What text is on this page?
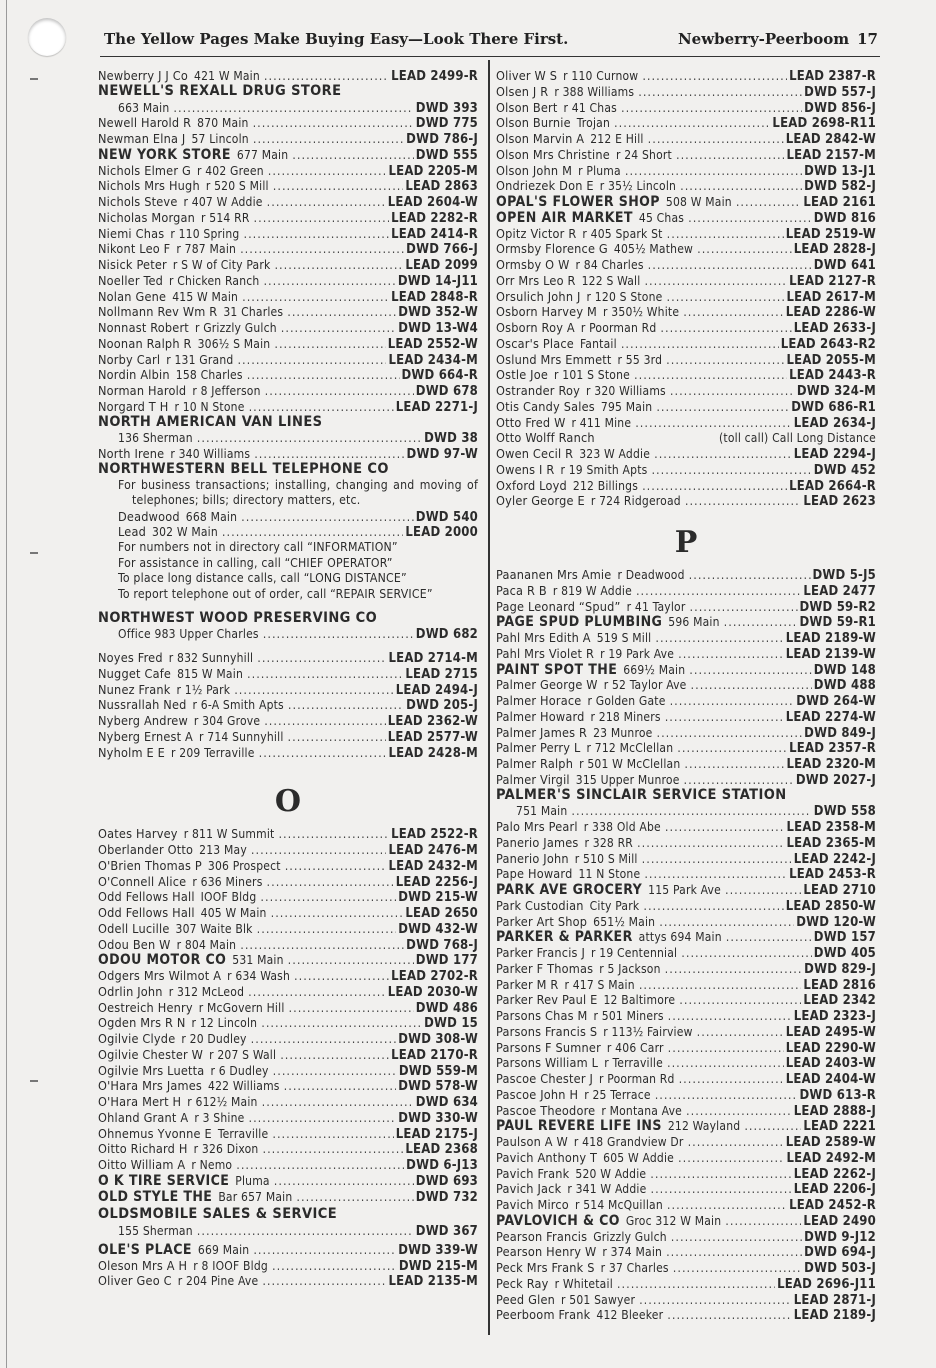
The Yellow Pages Make Buying Easy—Look There First.	Newberry-Peerboom 17
Newberry J J Co 421 W Main . . .	LEAD 2499-R
NEWELL'S REXALL DRUG STORE
663 Main . . .	DWD 393
Newell Harold R 870 Main . . .	DWD 775
Newman Elna J 57 Lincoln . . .	DWD 786-J
NEW YORK STORE 677 Main . . .	DWD 555
Nichols Elmer G r 402 Green . . .	LEAD 2205-M
Nichols Mrs Hugh r 520 S Mill . . .	LEAD 2863
Nichols Steve r 407 W Addie . . .	LEAD 2604-W
Nicholas Morgan r 514 RR . . .	LEAD 2282-R
Niemi Chas r 110 Spring . . .	LEAD 2414-R
Nikont Leo F r 787 Main . . .	DWD 766-J
Nisick Peter r S W of City Park . . .	LEAD 2099
Noeller Ted r Chicken Ranch . . .	DWD 14-J11
Nolan Gene 415 W Main . . .	LEAD 2848-R
Nollmann Rev Wm R 31 Charles . . .	DWD 352-W
Nonnast Robert r Grizzly Gulch . . .	DWD 13-W4
Noonan Ralph R 306½ S Main . . .	LEAD 2552-W
Norby Carl r 131 Grand . . .	LEAD 2434-M
Nordin Albin 158 Charles . . .	DWD 664-R
Norman Harold r 8 Jefferson . . .	DWD 678
Norgard T H r 10 N Stone . . .	LEAD 2271-J
NORTH AMERICAN VAN LINES
136 Sherman . . .	DWD 38
North Irene r 340 Williams . . .	DWD 97-W
NORTHWESTERN BELL TELEPHONE CO
For business transactions; installing, changing and moving of telephones; bills; directory matters, etc.
Deadwood 668 Main . . .	DWD 540
Lead 302 W Main . . .	LEAD 2000
For numbers not in directory call “INFORMATION”
For assistance in calling, call “CHIEF OPERATOR”
To place long distance calls, call “LONG DISTANCE”
To report telephone out of order, call “REPAIR SERVICE”
NORTHWEST WOOD PRESERVING CO
Office 983 Upper Charles . . .	DWD 682
Noyes Fred r 832 Sunnyhill . . .	LEAD 2714-M
Nugget Cafe 815 W Main . . .	LEAD 2715
Nunez Frank r 1½ Park . . .	LEAD 2494-J
Nussrallah Ned r 6-A Smith Apts . . .	DWD 205-J
Nyberg Andrew r 304 Grove . . .	LEAD 2362-W
Nyberg Ernest A r 714 Sunnyhill . . .	LEAD 2577-W
Nyholm E E r 209 Terraville . . .	LEAD 2428-M
O
Oates Harvey r 811 W Summit . . .	LEAD 2522-R
Oberlander Otto 213 May . . .	LEAD 2476-M
O'Brien Thomas P 306 Prospect . . .	LEAD 2432-M
O'Connell Alice r 636 Miners . . .	LEAD 2256-J
Odd Fellows Hall IOOF Bldg . . .	DWD 215-W
Odd Fellows Hall 405 W Main . . .	LEAD 2650
Odell Lucille 307 Waite Blk . . .	DWD 432-W
Odou Ben W r 804 Main . . .	DWD 768-J
ODOU MOTOR CO 531 Main . . .	DWD 177
Odgers Mrs Wilmot A r 634 Wash . . .	LEAD 2702-R
Odrlin John r 312 McLeod . . .	LEAD 2030-W
Oestreich Henry r McGovern Hill . . .	DWD 486
Ogden Mrs R N r 12 Lincoln . . .	DWD 15
Ogilvie Clyde r 20 Dudley . . .	DWD 308-W
Ogilvie Chester W r 207 S Wall . . .	LEAD 2170-R
Ogilvie Mrs Luetta r 6 Dudley . . .	DWD 559-M
O'Hara Mrs James 422 Williams . . .	DWD 578-W
O'Hara Mert H r 612½ Main . . .	DWD 634
Ohland Grant A r 3 Shine . . .	DWD 330-W
Ohnemus Yvonne E Terraville . . .	LEAD 2175-J
Oitto Richard H r 326 Dixon . . .	LEAD 2368
Oitto William A r Nemo . . .	DWD 6-J13
O K TIRE SERVICE Pluma . . .	DWD 693
OLD STYLE THE Bar 657 Main . . .	DWD 732
OLDSMOBILE SALES & SERVICE
155 Sherman . . .	DWD 367
OLE'S PLACE 669 Main . . .	DWD 339-W
Oleson Mrs A H r 8 IOOF Bldg . . .	DWD 215-M
Oliver Geo C r 204 Pine Ave . . .	LEAD 2135-M
Oliver W S r 110 Curnow . . .	LEAD 2387-R
Olsen J R r 388 Williams . . .	DWD 557-J
Olson Bert r 41 Chas . . .	DWD 856-J
Olson Burnie Trojan . . .	LEAD 2698-R11
Olson Marvin A 212 E Hill . . .	LEAD 2842-W
Olson Mrs Christine r 24 Short . . .	LEAD 2157-M
Olson John M r Pluma . . .	DWD 13-J1
Ondriezek Don E r 35½ Lincoln . . .	DWD 582-J
OPAL'S FLOWER SHOP 508 W Main . . .	LEAD 2161
OPEN AIR MARKET 45 Chas . . .	DWD 816
Opitz Victor R r 405 Spark St . . .	LEAD 2519-W
Ormsby Florence G 405½ Mathew . . .	LEAD 2828-J
Ormsby O W r 84 Charles . . .	DWD 641
Orr Mrs Leo R 122 S Wall . . .	LEAD 2127-R
Orsulich John J r 120 S Stone . . .	LEAD 2617-M
Osborn Harvey M r 350½ White . . .	LEAD 2286-W
Osborn Roy A r Poorman Rd . . .	LEAD 2633-J
Oscar's Place Fantail . . .	LEAD 2643-R2
Oslund Mrs Emmett r 55 3rd . . .	LEAD 2055-M
Ostle Joe r 101 S Stone . . .	LEAD 2443-R
Ostrander Roy r 320 Williams . . .	DWD 324-M
Otis Candy Sales 795 Main . . .	DWD 686-R1
Otto Fred W r 411 Mine . . .	LEAD 2634-J
Otto Wolff Ranch	(toll call) Call Long Distance
Owen Cecil R 323 W Addie . . .	LEAD 2294-J
Owens I R r 19 Smith Apts . . .	DWD 452
Oxford Loyd 212 Billings . . .	LEAD 2664-R
Oyler George E r 724 Ridgeroad . . .	LEAD 2623
P
Paananen Mrs Amie r Deadwood . . .	DWD 5-J5
Paca R B r 819 W Addie . . .	LEAD 2477
Page Leonard “Spud” r 41 Taylor . . .	DWD 59-R2
PAGE SPUD PLUMBING 596 Main . . .	DWD 59-R1
Pahl Mrs Edith A 519 S Mill . . .	LEAD 2189-W
Pahl Mrs Violet R r 19 Park Ave . . .	LEAD 2139-W
PAINT SPOT THE 669½ Main . . .	DWD 148
Palmer George W r 52 Taylor Ave . . .	DWD 488
Palmer Horace r Golden Gate . . .	DWD 264-W
Palmer Howard r 218 Miners . . .	LEAD 2274-W
Palmer James R 23 Munroe . . .	DWD 849-J
Palmer Perry L r 712 McClellan . . .	LEAD 2357-R
Palmer Ralph r 501 W McClellan . . .	LEAD 2320-M
Palmer Virgil 315 Upper Munroe . . .	DWD 2027-J
PALMER'S SINCLAIR SERVICE STATION
751 Main . . .	DWD 558
Palo Mrs Pearl r 338 Old Abe . . .	LEAD 2358-M
Panerio James r 328 RR . . .	LEAD 2365-M
Panerio John r 510 S Mill . . .	LEAD 2242-J
Pape Howard 11 N Stone . . .	LEAD 2453-R
PARK AVE GROCERY 115 Park Ave . . .	LEAD 2710
Park Custodian City Park . . .	LEAD 2850-W
Parker Art Shop 651½ Main . . .	DWD 120-W
PARKER & PARKER attys 694 Main . . .	DWD 157
Parker Francis J r 19 Centennial . . .	DWD 405
Parker F Thomas r 5 Jackson . . .	DWD 829-J
Parker M R r 417 S Main . . .	LEAD 2816
Parker Rev Paul E 12 Baltimore . . .	LEAD 2342
Parsons Chas M r 501 Miners . . .	LEAD 2323-J
Parsons Francis S r 113½ Fairview . . .	LEAD 2495-W
Parsons F Sumner r 406 Carr . . .	LEAD 2290-W
Parsons William L r Terraville . . .	LEAD 2403-W
Pascoe Chester J r Poorman Rd . . .	LEAD 2404-W
Pascoe John H r 25 Terrace . . .	DWD 613-R
Pascoe Theodore r Montana Ave . . .	LEAD 2888-J
PAUL REVERE LIFE INS 212 Wayland . . .	LEAD 2221
Paulson A W r 418 Grandview Dr . . .	LEAD 2589-W
Pavich Anthony T 605 W Addie . . .	LEAD 2492-M
Pavich Frank 520 W Addie . . .	LEAD 2262-J
Pavich Jack r 341 W Addie . . .	LEAD 2206-J
Pavich Mirco r 514 McQuillan . . .	LEAD 2452-R
PAVLOVICH & CO Groc 312 W Main . . .	LEAD 2490
Pearson Francis Grizzly Gulch . . .	DWD 9-J12
Pearson Henry W r 374 Main . . .	DWD 694-J
Peck Mrs Frank S r 37 Charles . . .	DWD 503-J
Peck Ray r Whitetail . . .	LEAD 2696-J11
Peed Glen r 501 Sawyer . . .	LEAD 2871-J
Peerboom Frank 412 Bleeker . . .	LEAD 2189-J
